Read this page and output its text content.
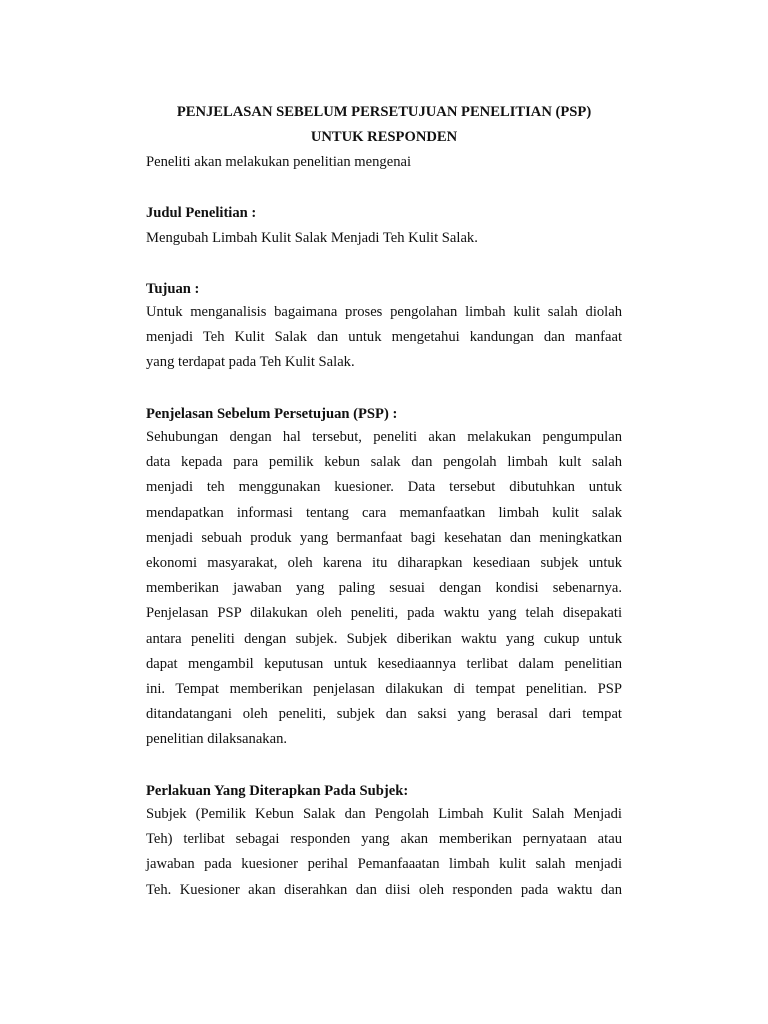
PENJELASAN SEBELUM PERSETUJUAN PENELITIAN (PSP)
UNTUK RESPONDEN
Peneliti akan melakukan penelitian mengenai
Judul Penelitian :
Mengubah Limbah Kulit Salak Menjadi Teh Kulit Salak.
Tujuan :
Untuk menganalisis bagaimana proses pengolahan limbah kulit salah diolah
menjadi Teh Kulit Salak dan untuk mengetahui kandungan dan manfaat
yang terdapat pada Teh Kulit Salak.
Penjelasan Sebelum Persetujuan (PSP) :
Sehubungan dengan hal tersebut, peneliti akan melakukan pengumpulan
data kepada para pemilik kebun salak dan pengolah limbah kult salah
menjadi teh menggunakan kuesioner. Data tersebut dibutuhkan untuk
mendapatkan informasi tentang cara memanfaatkan limbah kulit salak
menjadi sebuah produk yang bermanfaat bagi kesehatan dan meningkatkan
ekonomi masyarakat, oleh karena itu diharapkan kesediaan subjek untuk
memberikan jawaban yang paling sesuai dengan kondisi sebenarnya.
Penjelasan PSP dilakukan oleh peneliti, pada waktu yang telah disepakati
antara peneliti dengan subjek. Subjek diberikan waktu yang cukup untuk
dapat mengambil keputusan untuk kesediaannya terlibat dalam penelitian
ini. Tempat memberikan penjelasan dilakukan di tempat penelitian. PSP
ditandatangani oleh peneliti, subjek dan saksi yang berasal dari tempat
penelitian dilaksanakan.
Perlakuan Yang Diterapkan Pada Subjek:
Subjek (Pemilik Kebun Salak dan Pengolah Limbah Kulit Salah Menjadi
Teh) terlibat sebagai responden yang akan memberikan pernyataan atau
jawaban pada kuesioner perihal Pemanfaaatan limbah kulit salah menjadi
Teh. Kuesioner akan diserahkan dan diisi oleh responden pada waktu dan
